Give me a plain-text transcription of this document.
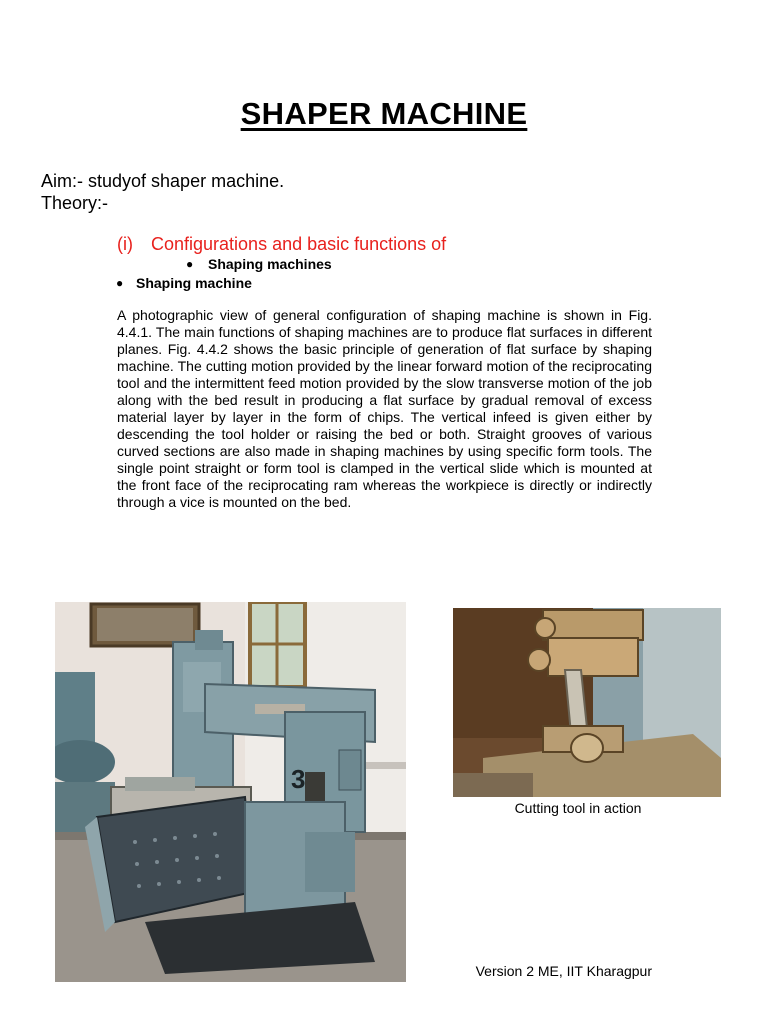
SHAPER MACHINE
Aim:- studyof shaper machine.
Theory:-
(i) Configurations and basic functions of
● Shaping machines
● Shaping machine

A photographic view of general configuration of shaping machine is shown in Fig. 4.4.1. The main functions of shaping machines are to produce flat surfaces in different planes. Fig. 4.4.2 shows the basic principle of generation of flat surface by shaping machine. The cutting motion provided by the linear forward motion of the reciprocating tool and the intermittent feed motion provided by the slow transverse motion of the job along with the bed result in producing a flat surface by gradual removal of excess material layer by layer in the form of chips. The vertical infeed is given either by descending the tool holder or raising the bed or both. Straight grooves of various curved sections are also made in shaping machines by using specific form tools. The single point straight or form tool is clamped in the vertical slide which is mounted at the front face of the reciprocating ram whereas the workpiece is directly or indirectly through a vice is mounted on the bed.

3
Cutting tool in action
Version 2 ME, IIT Kharagpur
